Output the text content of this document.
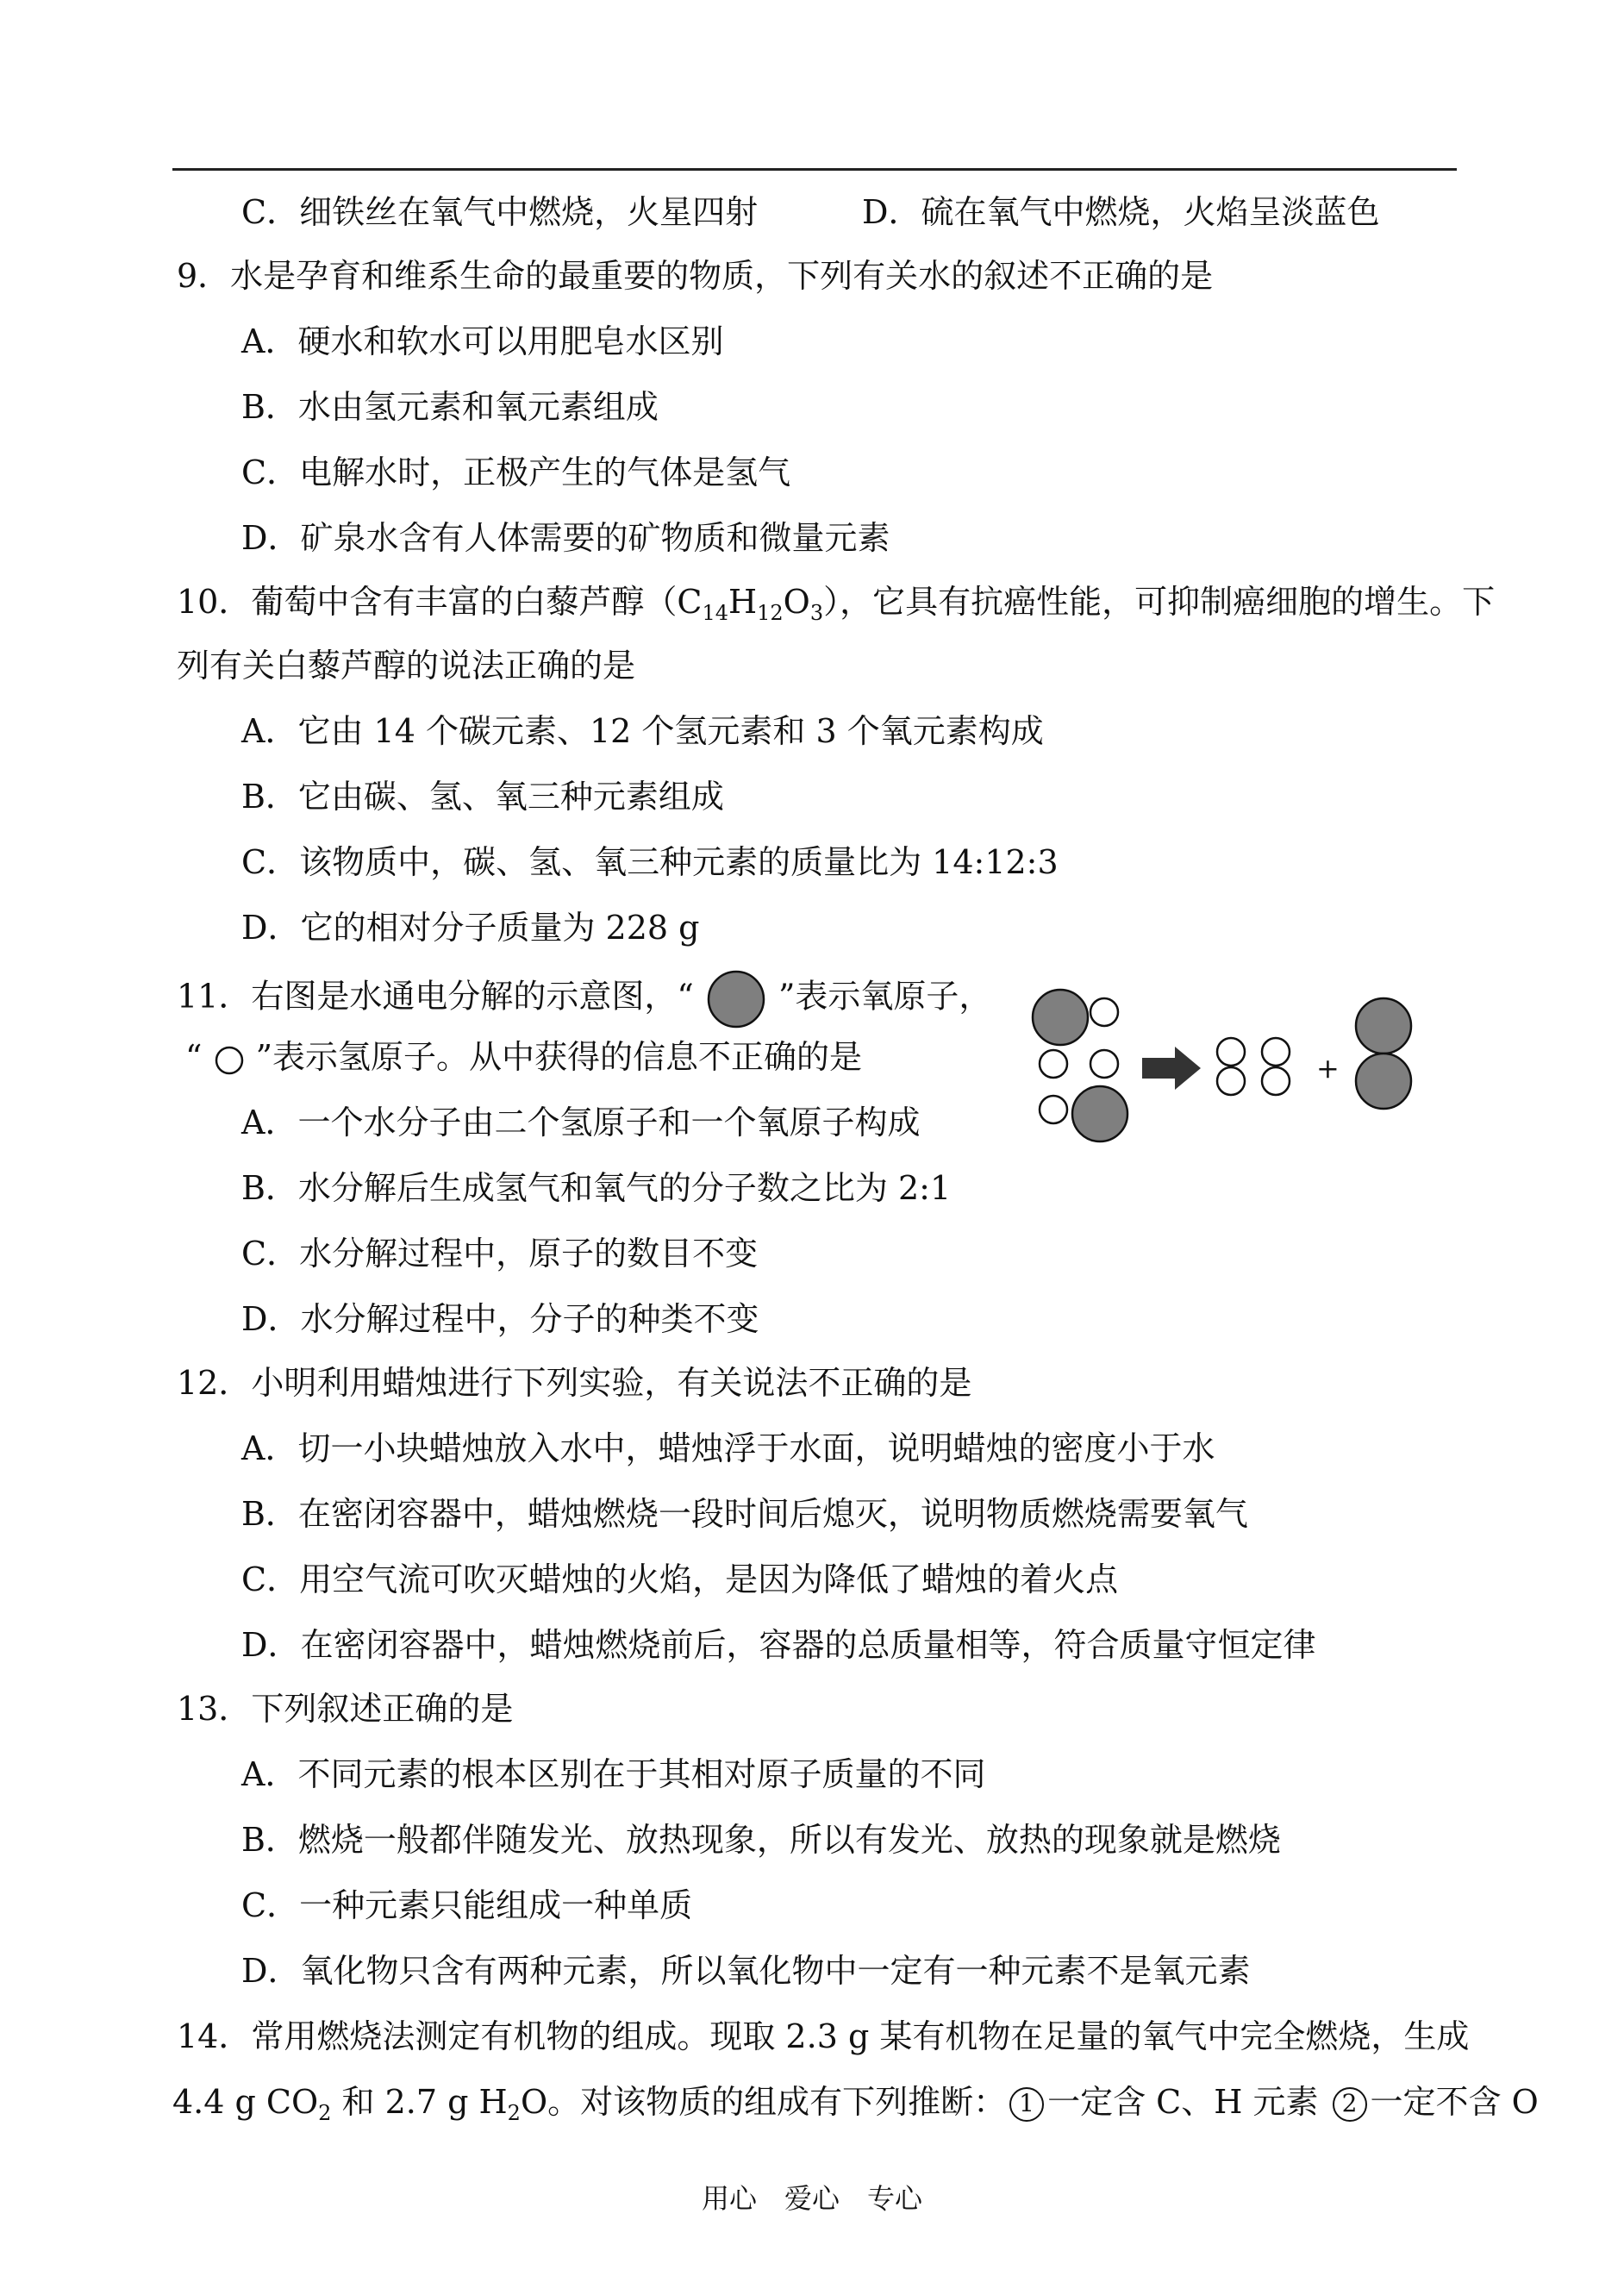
C．细铁丝在氧气中燃烧，火星四射	D．硫在氧气中燃烧，火焰呈淡蓝色
9．水是孕育和维系生命的最重要的物质，下列有关水的叙述不正确的是
A．硬水和软水可以用肥皂水区别
B．水由氢元素和氧元素组成
C．电解水时，正极产生的气体是氢气
D．矿泉水含有人体需要的矿物质和微量元素
10．葡萄中含有丰富的白藜芦醇$(C_{14}H_{12}O_3)$，它具有抗癌性能，可抑制癌细胞的增生。下
列有关白藜芦醇的说法正确的是
A．它由 14 个碳元素、12 个氢元素和 3 个氧元素构成
B．它由碳、氢、氧三种元素组成
C．该物质中，碳、氢、氧三种元素的质量比为 14:12:3
D．它的相对分子质量为 228 g
11．右图是水通电分解的示意图，“	”表示氧原子，
“ ”表示氢原子。从中获得的信息不正确的是
A．一个水分子由二个氢原子和一个氧原子构成
B．水分解后生成氢气和氧气的分子数之比为 2:1
C．水分解过程中，原子的数目不变
D．水分解过程中，分子的种类不变
+
12．小明利用蜡烛进行下列实验，有关说法不正确的是
A．切一小块蜡烛放入水中，蜡烛浮于水面，说明蜡烛的密度小于水
B．在密闭容器中，蜡烛燃烧一段时间后熄灭，说明物质燃烧需要氧气
C．用空气流可吹灭蜡烛的火焰，是因为降低了蜡烛的着火点
D．在密闭容器中，蜡烛燃烧前后，容器的总质量相等，符合质量守恒定律
13．下列叙述正确的是
A．不同元素的根本区别在于其相对原子质量的不同
B．燃烧一般都伴随发光、放热现象，所以有发光、放热的现象就是燃烧
C．一种元素只能组成一种单质
D．氧化物只含有两种元素，所以氧化物中一定有一种元素不是氧元素
14．常用燃烧法测定有机物的组成。现取 2.3 g 某有机物在足量的氧气中完全燃烧，生成
4.4 g $CO_2$ 和 2.7 g $H_2O$。对该物质的组成有下列推断： 1 一定含 C、H 元素 2 一定不含 O
用心　爱心　专心
